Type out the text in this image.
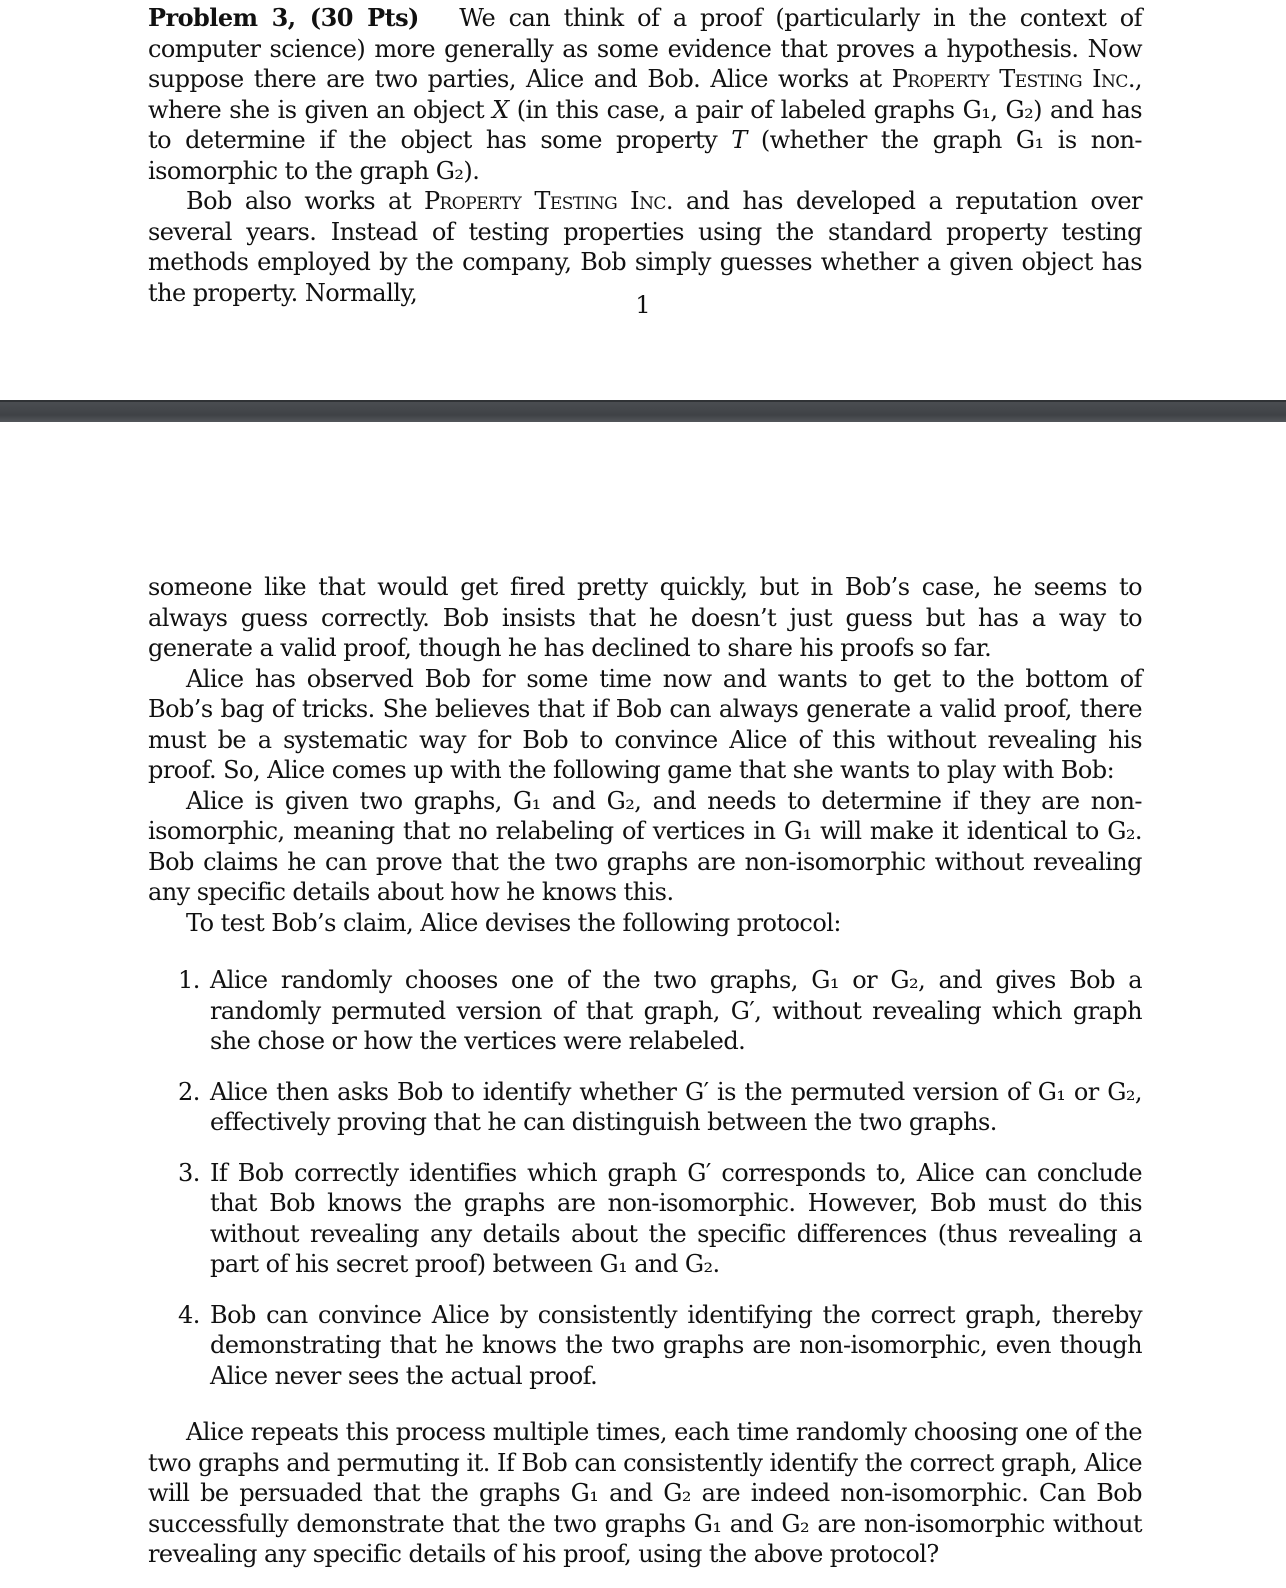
Problem 3, (30 Pts) We can think of a proof (particularly in the context of computer science) more generally as some evidence that proves a hypothesis. Now suppose there are two parties, Alice and Bob. Alice works at Property Testing Inc., where she is given an object X (in this case, a pair of labeled graphs G₁, G₂) and has to determine if the object has some property T (whether the graph G₁ is non-isomorphic to the graph G₂).

Bob also works at Property Testing Inc. and has developed a reputation over several years. Instead of testing properties using the standard property testing methods employed by the company, Bob simply guesses whether a given object has the property. Normally,	1

someone like that would get fired pretty quickly, but in Bob’s case, he seems to always guess correctly. Bob insists that he doesn’t just guess but has a way to generate a valid proof, though he has declined to share his proofs so far.

Alice has observed Bob for some time now and wants to get to the bottom of Bob’s bag of tricks. She believes that if Bob can always generate a valid proof, there must be a systematic way for Bob to convince Alice of this without revealing his proof. So, Alice comes up with the following game that she wants to play with Bob:

Alice is given two graphs, G₁ and G₂, and needs to determine if they are non-isomorphic, meaning that no relabeling of vertices in G₁ will make it identical to G₂. Bob claims he can prove that the two graphs are non-isomorphic without revealing any specific details about how he knows this.

To test Bob’s claim, Alice devises the following protocol:

1. Alice randomly chooses one of the two graphs, G₁ or G₂, and gives Bob a randomly permuted version of that graph, G′, without revealing which graph she chose or how the vertices were relabeled.
2. Alice then asks Bob to identify whether G′ is the permuted version of G₁ or G₂, effectively proving that he can distinguish between the two graphs.
3. If Bob correctly identifies which graph G′ corresponds to, Alice can conclude that Bob knows the graphs are non-isomorphic. However, Bob must do this without revealing any details about the specific differences (thus revealing a part of his secret proof) between G₁ and G₂.
4. Bob can convince Alice by consistently identifying the correct graph, thereby demonstrating that he knows the two graphs are non-isomorphic, even though Alice never sees the actual proof.

Alice repeats this process multiple times, each time randomly choosing one of the two graphs and permuting it. If Bob can consistently identify the correct graph, Alice will be persuaded that the graphs G₁ and G₂ are indeed non-isomorphic. Can Bob successfully demonstrate that the two graphs G₁ and G₂ are non-isomorphic without revealing any specific details of his proof, using the above protocol?
